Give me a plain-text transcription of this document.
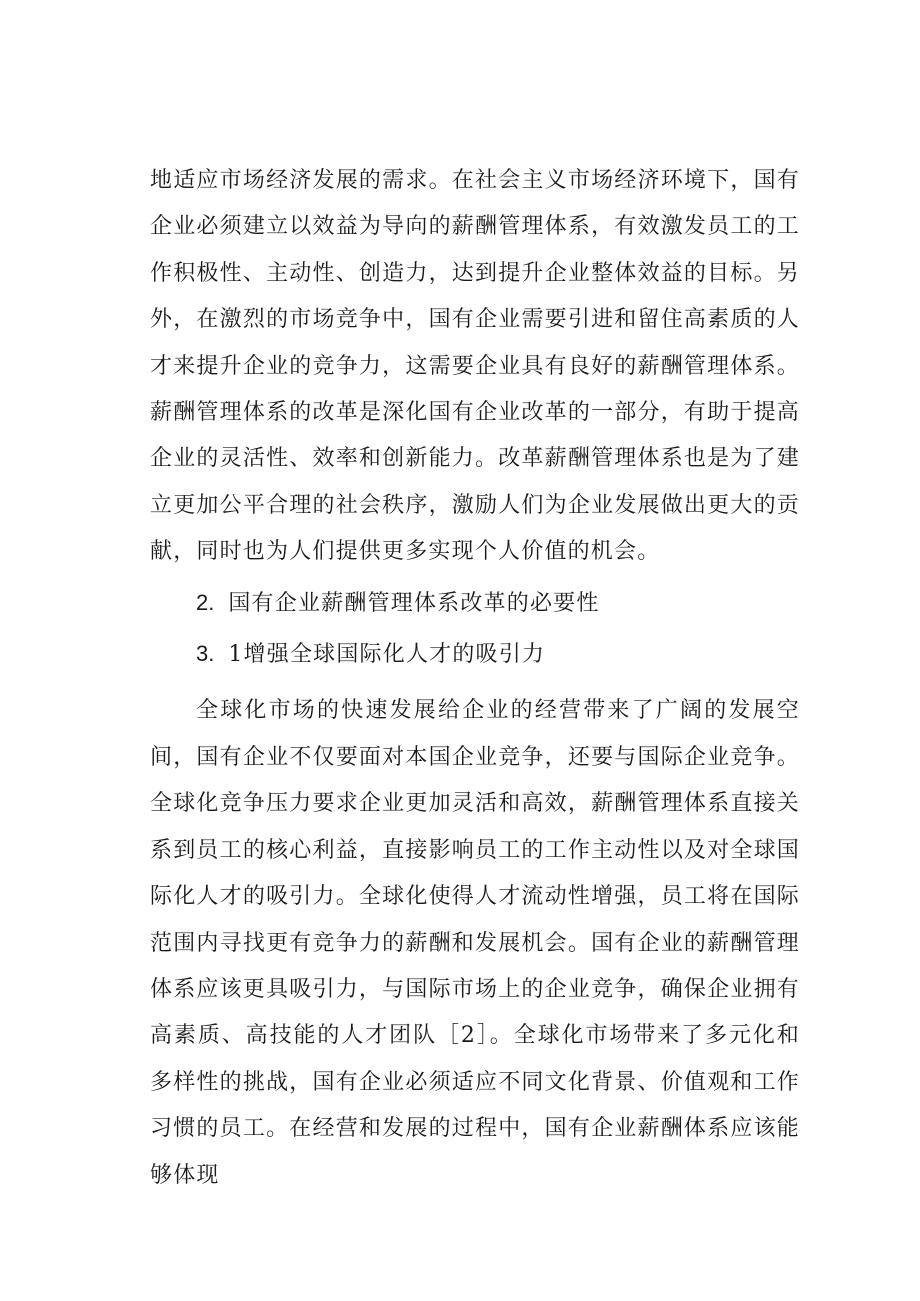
地适应市场经济发展的需求。在社会主义市场经济环境下，国有企业必须建立以效益为导向的薪酬管理体系，有效激发员工的工作积极性、主动性、创造力，达到提升企业整体效益的目标。另外，在激烈的市场竞争中，国有企业需要引进和留住高素质的人才来提升企业的竞争力，这需要企业具有良好的薪酬管理体系。薪酬管理体系的改革是深化国有企业改革的一部分，有助于提高企业的灵活性、效率和创新能力。改革薪酬管理体系也是为了建立更加公平合理的社会秩序，激励人们为企业发展做出更大的贡献，同时也为人们提供更多实现个人价值的机会。

2. 国有企业薪酬管理体系改革的必要性
3. 1增强全球国际化人才的吸引力

全球化市场的快速发展给企业的经营带来了广阔的发展空间，国有企业不仅要面对本国企业竞争，还要与国际企业竞争。全球化竞争压力要求企业更加灵活和高效，薪酬管理体系直接关系到员工的核心利益，直接影响员工的工作主动性以及对全球国际化人才的吸引力。全球化使得人才流动性增强，员工将在国际范围内寻找更有竞争力的薪酬和发展机会。国有企业的薪酬管理体系应该更具吸引力，与国际市场上的企业竞争，确保企业拥有高素质、高技能的人才团队［2］。全球化市场带来了多元化和多样性的挑战，国有企业必须适应不同文化背景、价值观和工作习惯的员工。在经营和发展的过程中，国有企业薪酬体系应该能够体现
